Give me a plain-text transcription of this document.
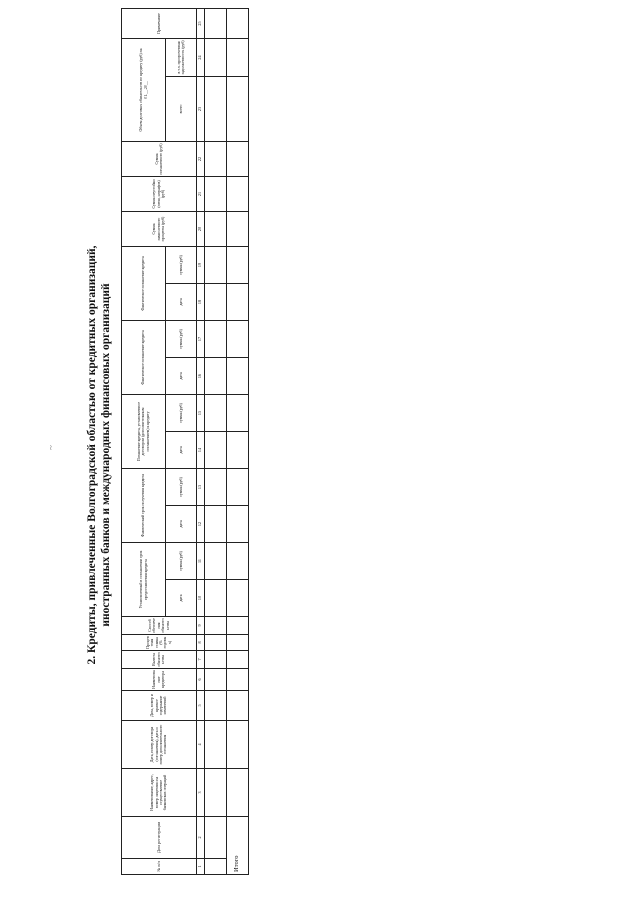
~	2. Кредиты, привлеченные Волгоградской областью от кредитных организаций, иностранных банков и международных финансовых организаций
№ п/п	Дата регистрации	Наименование, адрес, номер лицензии на осуществление банковских операций	Дата, номер договора (соглашения), дата и номер дополнительного соглашения	Дата, номер и краткое содержание изменений	Наименование кредитора	Валюта обязательства	Процентная ставка (% годовых)	Способ обеспечения обязательства	Установленный в соглашении срок предоставления кредита		Фактический срок получения кредита		Погашение кредита, установленное договором (дополнительным соглашением) к кредиту		Фактическое погашение кредита		Фактическое погашение кредита		Сумма начисленного процента (руб)	Сумма неустойки (пени, штрафов) (руб)	Сумма погашенного (руб)	Объем долговых обязательств по кредиту (руб) на 01.__.20__		Примечание
									дата	сумма (руб)	дата	сумма (руб)	дата	сумма (руб)	дата	сумма (руб)	дата	сумма (руб)				всего	в т.ч. просроченная задолженность (руб)	
1	2	3	4	5	6	7	8	9	10	11	12	13	14	15	16	17	18	19	20	21	22	23	24	25

Итого																								
